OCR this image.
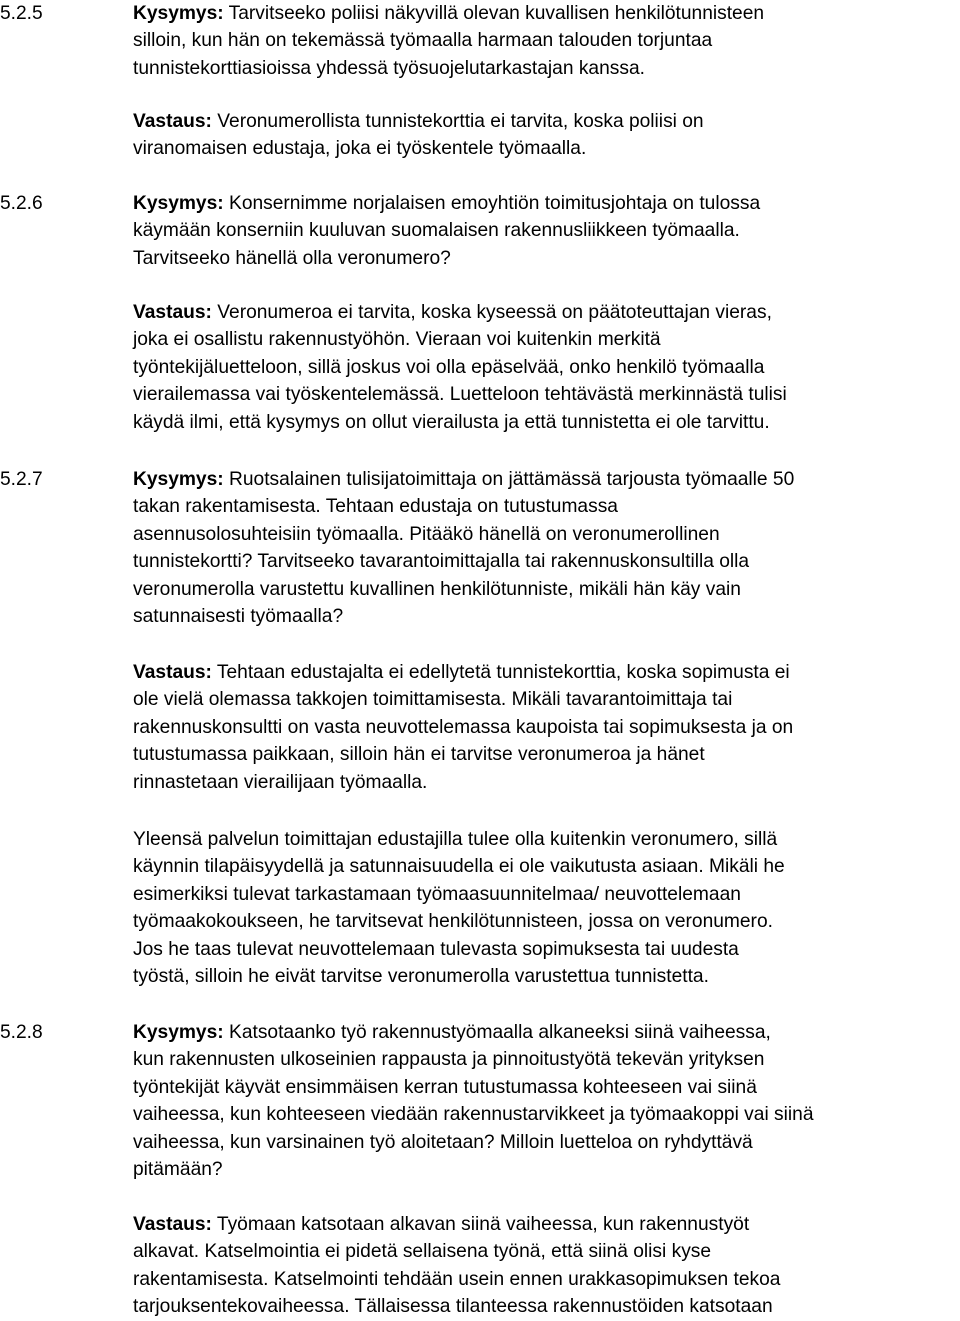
5.2.5	Kysymys: Tarvitseeko poliisi näkyvillä olevan kuvallisen henkilötunnisteen
silloin, kun hän on tekemässä työmaalla harmaan talouden torjuntaa
tunnistekorttiasioissa yhdessä työsuojelutarkastajan kanssa.
Vastaus: Veronumerollista tunnistekorttia ei tarvita, koska poliisi on
viranomaisen edustaja, joka ei työskentele työmaalla.
5.2.6	Kysymys: Konsernimme norjalaisen emoyhtiön toimitusjohtaja on tulossa
käymään konserniin kuuluvan suomalaisen rakennusliikkeen työmaalla.
Tarvitseeko hänellä olla veronumero?
Vastaus: Veronumeroa ei tarvita, koska kyseessä on päätoteuttajan vieras,
joka ei osallistu rakennustyöhön. Vieraan voi kuitenkin merkitä
työntekijäluetteloon, sillä joskus voi olla epäselvää, onko henkilö työmaalla
vierailemassa vai työskentelemässä. Luetteloon tehtävästä merkinnästä tulisi
käydä ilmi, että kysymys on ollut vierailusta ja että tunnistetta ei ole tarvittu.
5.2.7	Kysymys: Ruotsalainen tulisijatoimittaja on jättämässä tarjousta työmaalle 50
takan rakentamisesta. Tehtaan edustaja on tutustumassa
asennusolosuhteisiin työmaalla. Pitääkö hänellä on veronumerollinen
tunnistekortti? Tarvitseeko tavarantoimittajalla tai rakennuskonsultilla olla
veronumerolla varustettu kuvallinen henkilötunniste, mikäli hän käy vain
satunnaisesti työmaalla?
Vastaus: Tehtaan edustajalta ei edellytetä tunnistekorttia, koska sopimusta ei
ole vielä olemassa takkojen toimittamisesta. Mikäli tavarantoimittaja tai
rakennuskonsultti on vasta neuvottelemassa kaupoista tai sopimuksesta ja on
tutustumassa paikkaan, silloin hän ei tarvitse veronumeroa ja hänet
rinnastetaan vierailijaan työmaalla.
Yleensä palvelun toimittajan edustajilla tulee olla kuitenkin veronumero, sillä
käynnin tilapäisyydellä ja satunnaisuudella ei ole vaikutusta asiaan. Mikäli he
esimerkiksi tulevat tarkastamaan työmaasuunnitelmaa/ neuvottelemaan
työmaakokoukseen, he tarvitsevat henkilötunnisteen, jossa on veronumero.
Jos he taas tulevat neuvottelemaan tulevasta sopimuksesta tai uudesta
työstä, silloin he eivät tarvitse veronumerolla varustettua tunnistetta.
5.2.8	Kysymys: Katsotaanko työ rakennustyömaalla alkaneeksi siinä vaiheessa,
kun rakennusten ulkoseinien rappausta ja pinnoitustyötä tekevän yrityksen
työntekijät käyvät ensimmäisen kerran tutustumassa kohteeseen vai siinä
vaiheessa, kun kohteeseen viedään rakennustarvikkeet ja työmaakoppi vai siinä
vaiheessa, kun varsinainen työ aloitetaan? Milloin luetteloa on ryhdyttävä
pitämään?
Vastaus: Työmaan katsotaan alkavan siinä vaiheessa, kun rakennustyöt
alkavat. Katselmointia ei pidetä sellaisena työnä, että siinä olisi kyse
rakentamisesta. Katselmointi tehdään usein ennen urakkasopimuksen tekoa
tarjouksentekovaiheessa. Tällaisessa tilanteessa rakennustöiden katsotaan
